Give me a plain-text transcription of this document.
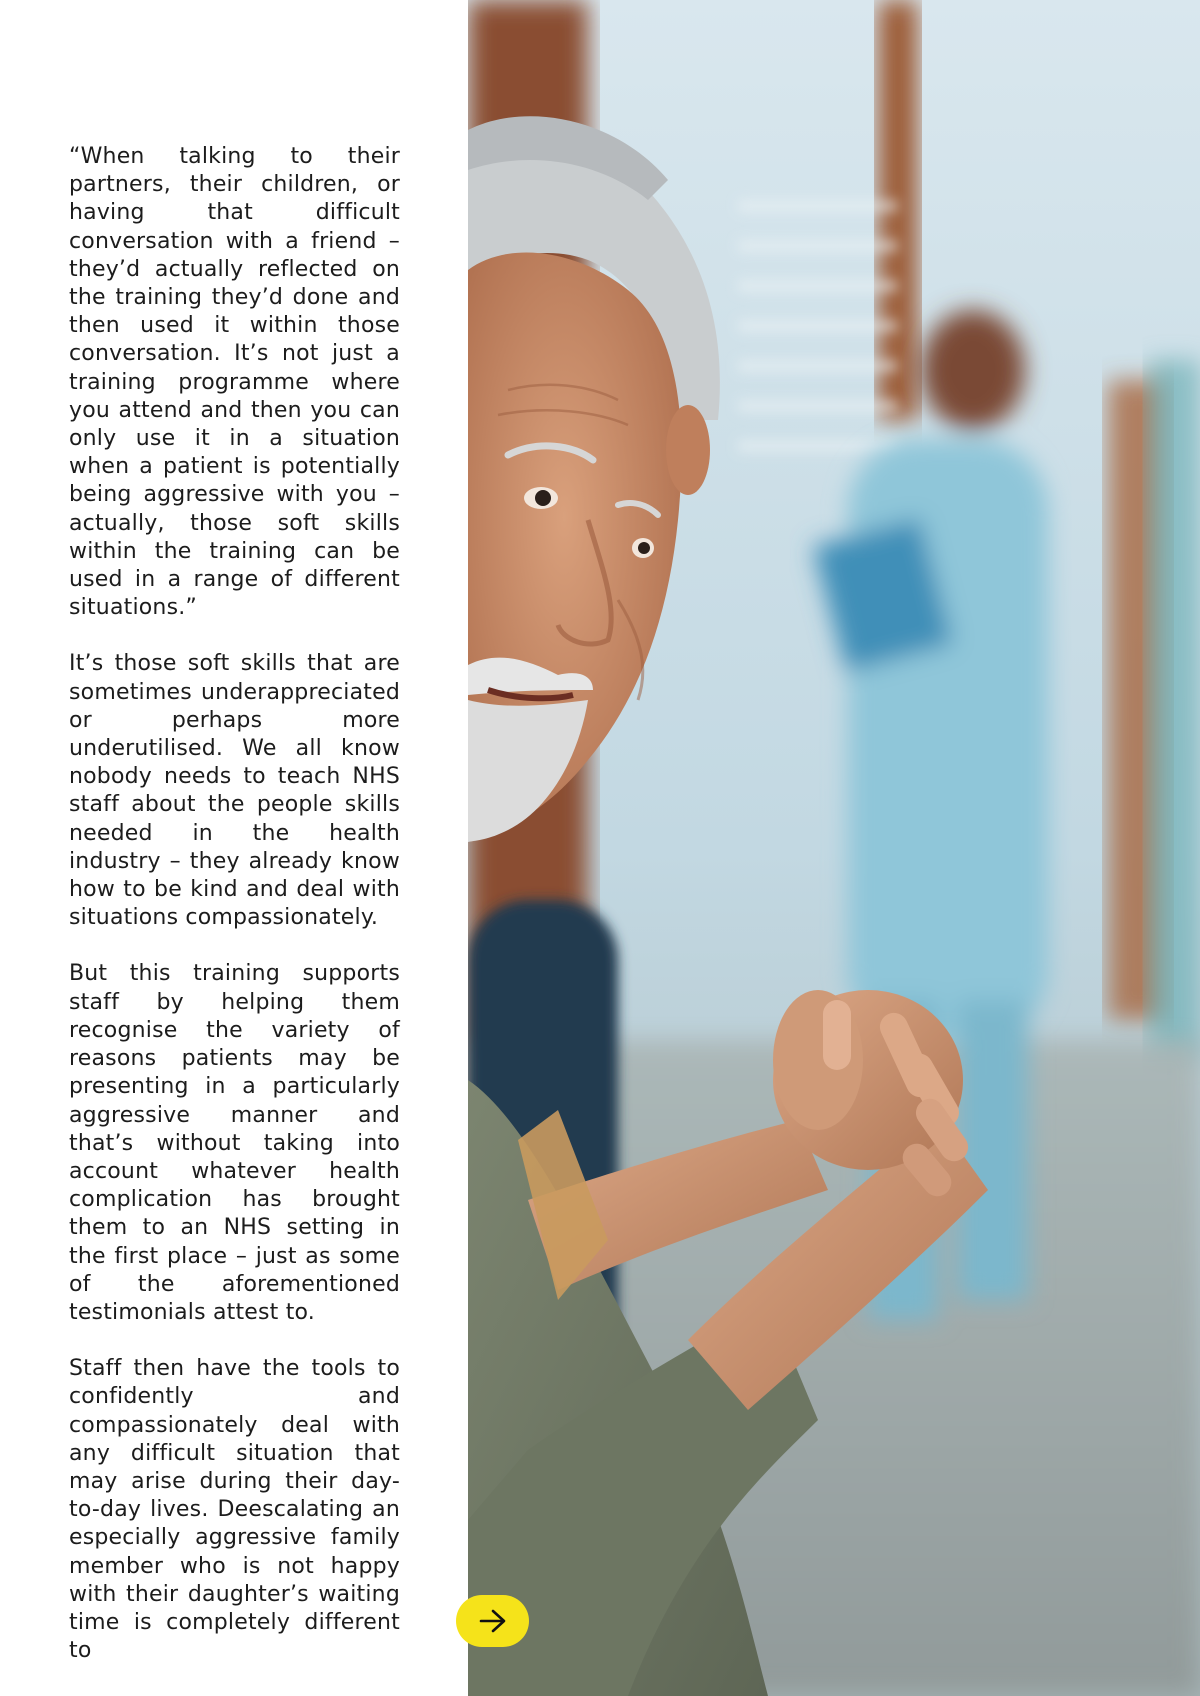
“When talking to their partners, their children, or having that difficult conversation with a friend – they’d actually reflected on the training they’d done and then used it within those conversation. It’s not just a training programme where you attend and then you can only use it in a situation when a patient is potentially being aggressive with you – actually, those soft skills within the training can be used in a range of different situations.”

It’s those soft skills that are sometimes underappreciated or perhaps more underutilised. We all know nobody needs to teach NHS staff about the people skills needed in the health industry – they already know how to be kind and deal with situations compassionately.

But this training supports staff by helping them recognise the variety of reasons patients may be presenting in a particularly aggressive manner and that’s without taking into account whatever health complication has brought them to an NHS setting in the first place – just as some of the aforementioned testimonials attest to.

Staff then have the tools to confidently and compassionately deal with any difficult situation that may arise during their day-to-day lives. Deescalating an especially aggressive family member who is not happy with their daughter’s waiting time is completely different to
